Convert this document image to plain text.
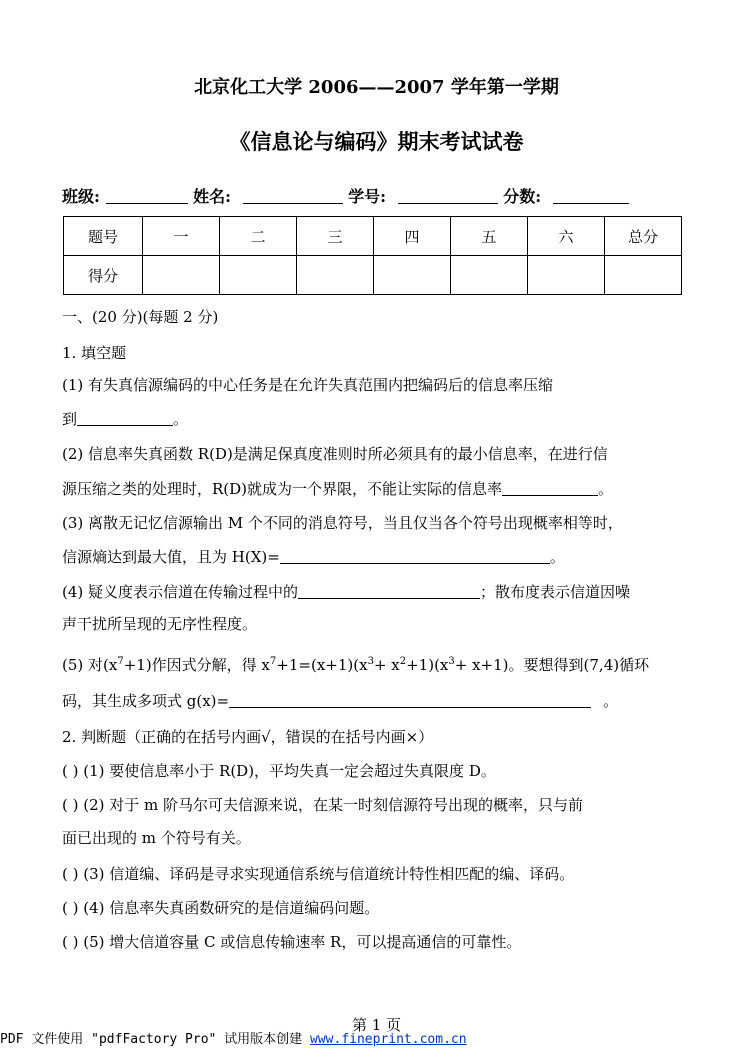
北京化工大学 2006——2007 学年第一学期
《信息论与编码》期末考试试卷
班级:	姓名:	学号:	分数:
题号	一	二	三	四	五	六	总分
得分							
一、(20 分)(每题 2 分)
1. 填空题
(1) 有失真信源编码的中心任务是在允许失真范围内把编码后的信息率压缩
到	。
(2) 信息率失真函数 R(D)是满足保真度准则时所必须具有的最小信息率，在进行信
源压缩之类的处理时，R(D)就成为一个界限，不能让实际的信息率	。
(3) 离散无记忆信源输出 M 个不同的消息符号，当且仅当各个符号出现概率相等时，
信源熵达到最大值，且为 H(X)=	。
(4) 疑义度表示信道在传输过程中的	；散布度表示信道因噪
声干扰所呈现的无序性程度。
(5) 对$(x^7+1)$作因式分解，得 $x^7+1=(x+1)(x^3+ x^2+1)(x^3+ x+1)$。要想得到(7,4)循环
码，其生成多项式 g(x)=	。
2. 判断题（正确的在括号内画√，错误的在括号内画×）
( ) (1) 要使信息率小于 R(D)，平均失真一定会超过失真限度 D。
( ) (2) 对于 m 阶马尔可夫信源来说，在某一时刻信源符号出现的概率，只与前
面已出现的 m 个符号有关。
( ) (3) 信道编、译码是寻求实现通信系统与信道统计特性相匹配的编、译码。
( ) (4) 信息率失真函数研究的是信道编码问题。
( ) (5) 增大信道容量 C 或信息传输速率 R，可以提高通信的可靠性。
第 1 页
PDF 文件使用 "pdfFactory Pro" 试用版本创建 www.fineprint.com.cn
